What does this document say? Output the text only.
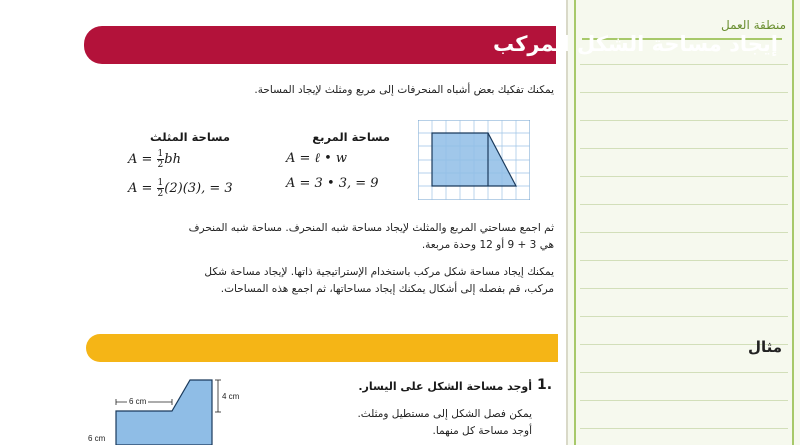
منطقة العمل
إيجاد مساحة الشكل المركب
يمكنك تفكيك بعض أشباه المنحرفات إلى مربع ومثلث لإيجاد المساحة.
مساحة المربع
A = ℓ • w
A = 3 • 3, = 9
مساحة المثلث
$A = \frac{1}{2}$ bh
$A = \frac{1}{2} (2)(3)$, = 3
ثم اجمع مساحتي المربع والمثلث لإيجاد مساحة شبه المنحرف. مساحة شبه المنحرف
هي 3 + 9 أو 12 وحدة مربعة.
يمكنك إيجاد مساحة شكل مركب باستخدام الإستراتيجية ذاتها. لإيجاد مساحة شكل
مركب، قم بفصله إلى أشكال يمكنك إيجاد مساحاتها، ثم اجمع هذه المساحات.
مثال
1.
أوجد مساحة الشكل على اليسار.
يمكن فصل الشكل إلى مستطيل ومثلث.
أوجد مساحة كل منهما.
6 cm
4 cm
6 cm
